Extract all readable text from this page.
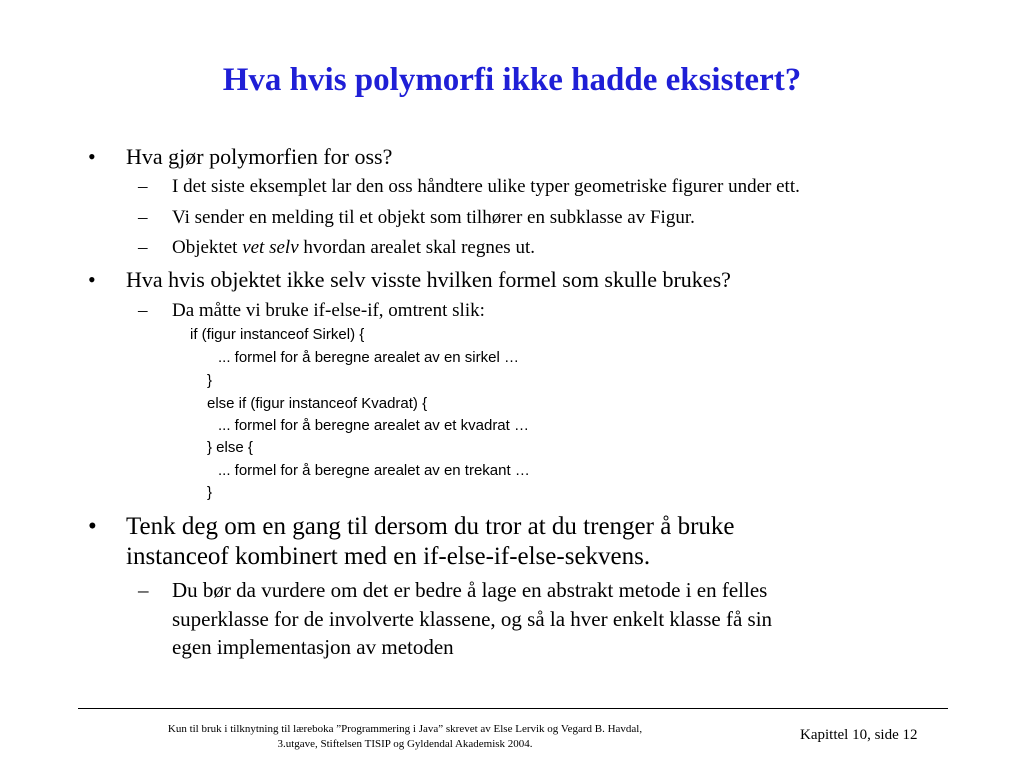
Hva hvis polymorfi ikke hadde eksistert?
• Hva gjør polymorfien for oss?
– I det siste eksemplet lar den oss håndtere ulike typer geometriske figurer under ett.
– Vi sender en melding til et objekt som tilhører en subklasse av Figur.
– Objektet vet selv hvordan arealet skal regnes ut.
• Hva hvis objektet ikke selv visste hvilken formel som skulle brukes?
– Da måtte vi bruke if-else-if, omtrent slik:
if (figur instanceof Sirkel) {
... formel for å beregne arealet av en sirkel …
}
else if (figur instanceof Kvadrat) {
... formel for å beregne arealet av et kvadrat …
} else {
... formel for å beregne arealet av en trekant …
}
• Tenk deg om en gang til dersom du tror at du trenger å bruke
instanceof kombinert med en if-else-if-else-sekvens.
– Du bør da vurdere om det er bedre å lage en abstrakt metode i en felles
superklasse for de involverte klassene, og så la hver enkelt klasse få sin
egen implementasjon av metoden
Kun til bruk i tilknytning til læreboka ”Programmering i Java” skrevet av Else Lervik og Vegard B. Havdal,
3.utgave, Stiftelsen TISIP og Gyldendal Akademisk 2004.
Kapittel 10, side 12
